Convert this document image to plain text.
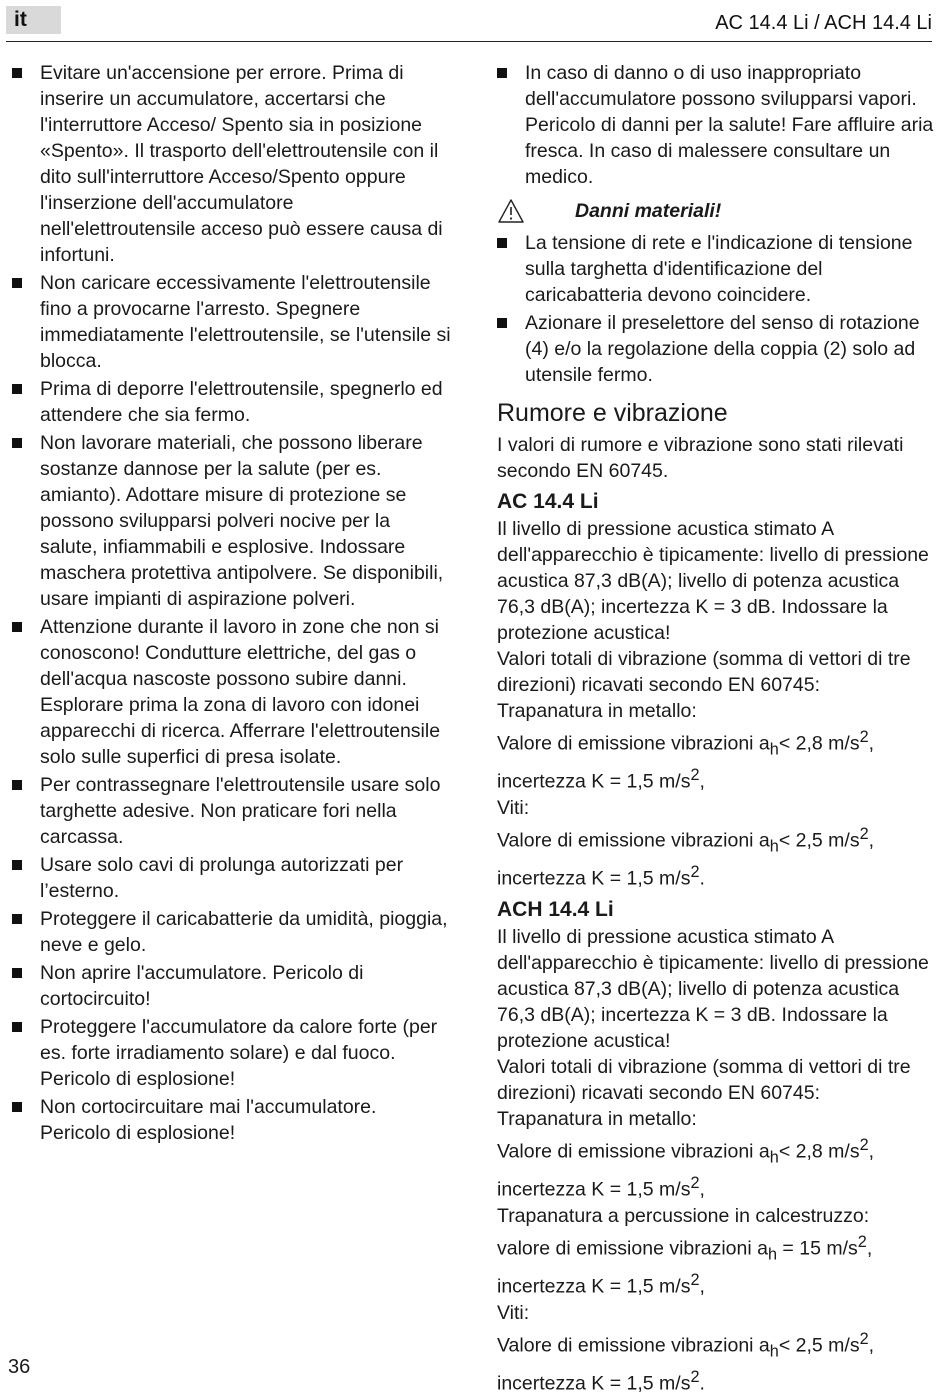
it	AC 14.4 Li / ACH 14.4 Li
Evitare un'accensione per errore. Prima di inserire un accumulatore, accertarsi che l'interruttore Acceso/ Spento sia in posizione «Spento». Il trasporto dell'elettroutensile con il dito sull'interruttore Acceso/Spento oppure l'inserzione dell'accumulatore nell'elettroutensile acceso può essere causa di infortuni.
Non caricare eccessivamente l'elettroutensile fino a provocarne l'arresto. Spegnere immediatamente l'elettroutensile, se l'utensile si blocca.
Prima di deporre l'elettroutensile, spegnerlo ed attendere che sia fermo.
Non lavorare materiali, che possono liberare sostanze dannose per la salute (per es. amianto). Adottare misure di protezione se possono svilupparsi polveri nocive per la salute, infiammabili e esplosive. Indossare maschera protettiva antipolvere. Se disponibili, usare impianti di aspirazione polveri.
Attenzione durante il lavoro in zone che non si conoscono! Condutture elettriche, del gas o dell'acqua nascoste possono subire danni. Esplorare prima la zona di lavoro con idonei apparecchi di ricerca. Afferrare l'elettroutensile solo sulle superfici di presa isolate.
Per contrassegnare l'elettroutensile usare solo targhette adesive. Non praticare fori nella carcassa.
Usare solo cavi di prolunga autorizzati per l’esterno.
Proteggere il caricabatterie da umidità, pioggia, neve e gelo.
Non aprire l'accumulatore. Pericolo di cortocircuito!
Proteggere l'accumulatore da calore forte (per es. forte irradiamento solare) e dal fuoco. Pericolo di esplosione!
Non cortocircuitare mai l'accumulatore. Pericolo di esplosione!
In caso di danno o di uso inappropriato dell'accumulatore possono svilupparsi vapori. Pericolo di danni per la salute! Fare affluire aria fresca. In caso di malessere consultare un medico.
Danni materiali!
La tensione di rete e l'indicazione di tensione sulla targhetta d'identificazione del caricabatteria devono coincidere.
Azionare il preselettore del senso di rotazione (4) e/o la regolazione della coppia (2) solo ad utensile fermo.
Rumore e vibrazione

I valori di rumore e vibrazione sono stati rilevati secondo EN 60745.

AC 14.4 Li

Il livello di pressione acustica stimato A dell'apparecchio è tipicamente: livello di pressione acustica 87,3 dB(A); livello di potenza acustica 76,3 dB(A); incertezza K = 3 dB. Indossare la protezione acustica!

Valori totali di vibrazione (somma di vettori di tre direzioni) ricavati secondo EN 60745:

Trapanatura in metallo:

Valore di emissione vibrazioni $a_h< 2,8$ $m/s^2$, incertezza K = 1,5 $m/s^2$,

Viti:

Valore di emissione vibrazioni $a_h< 2,5$ $m/s^2$, incertezza K = 1,5 $m/s^2$.

ACH 14.4 Li

Il livello di pressione acustica stimato A dell'apparecchio è tipicamente: livello di pressione acustica 87,3 dB(A); livello di potenza acustica 76,3 dB(A); incertezza K = 3 dB. Indossare la protezione acustica!

Valori totali di vibrazione (somma di vettori di tre direzioni) ricavati secondo EN 60745:

Trapanatura in metallo:

Valore di emissione vibrazioni $a_h< 2,8$ $m/s^2$, incertezza K = 1,5 $m/s^2$,

Trapanatura a percussione in calcestruzzo:

valore di emissione vibrazioni $a_h = 15$ $m/s^2$, incertezza K = 1,5 $m/s^2$,

Viti:

Valore di emissione vibrazioni $a_h< 2,5$ $m/s^2$, incertezza K = 1,5 $m/s^2$.

36
